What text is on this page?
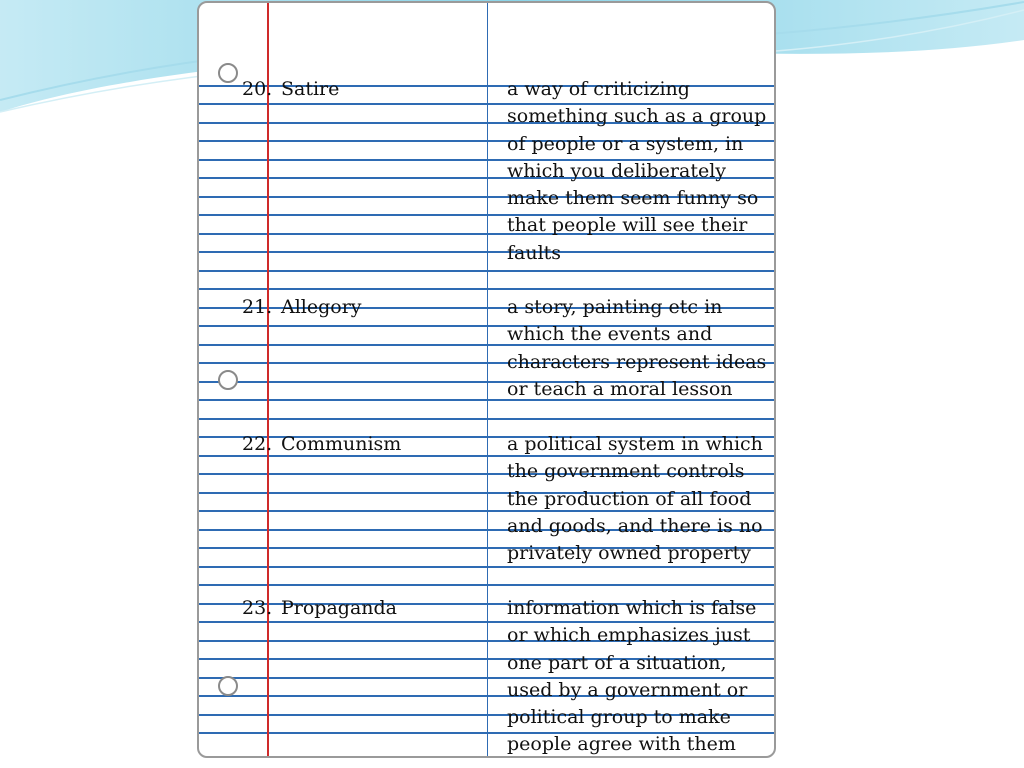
20. Satire	a way of criticizing
something such as a group
of people or a system, in
which you deliberately
make them seem funny so
that people will see their
faults
21. Allegory	a story, painting etc in
which the events and
characters represent ideas
or teach a moral lesson
22. Communism	a political system in which
the government controls
the production of all food
and goods, and there is no
privately owned property
23. Propaganda	information which is false
or which emphasizes just
one part of a situation,
used by a government or
political group to make
people agree with them
